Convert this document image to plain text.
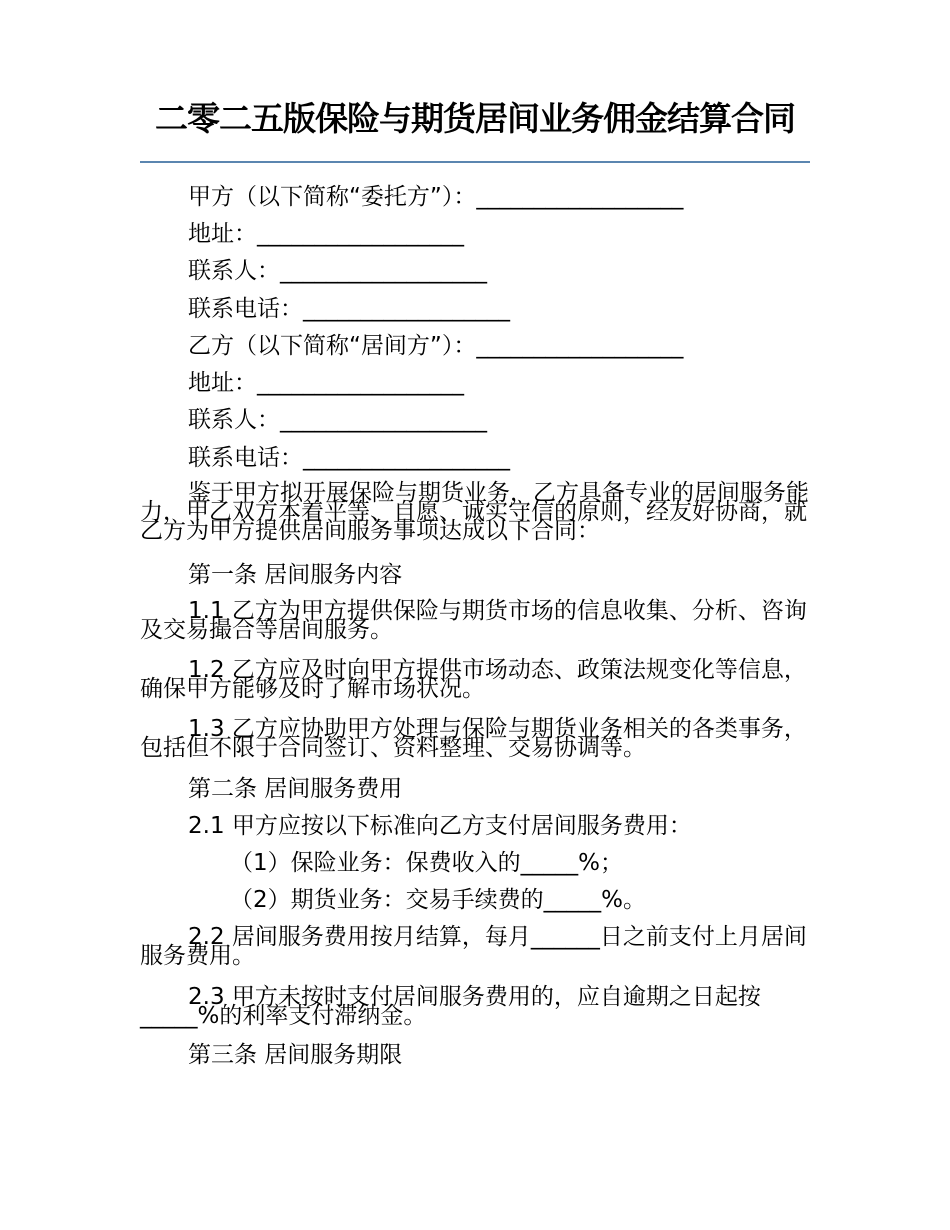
二零二五版保险与期货居间业务佣金结算合同
甲方（以下简称“委托方”）：__________________
地址：__________________
联系人：__________________
联系电话：__________________
乙方（以下简称“居间方”）：__________________
地址：__________________
联系人：__________________
联系电话：__________________
鉴于甲方拟开展保险与期货业务，乙方具备专业的居间服务能力，甲乙双方本着平等、自愿、诚实守信的原则，经友好协商，就乙方为甲方提供居间服务事项达成以下合同：
第一条 居间服务内容
1.1 乙方为甲方提供保险与期货市场的信息收集、分析、咨询及交易撮合等居间服务。
1.2 乙方应及时向甲方提供市场动态、政策法规变化等信息，确保甲方能够及时了解市场状况。
1.3 乙方应协助甲方处理与保险与期货业务相关的各类事务，包括但不限于合同签订、资料整理、交易协调等。
第二条 居间服务费用
2.1 甲方应按以下标准向乙方支付居间服务费用：
（1）保险业务：保费收入的_____%；
（2）期货业务：交易手续费的_____%。
2.2 居间服务费用按月结算，每月______日之前支付上月居间服务费用。
2.3 甲方未按时支付居间服务费用的，应自逾期之日起按_____%的利率支付滞纳金。
第三条 居间服务期限
